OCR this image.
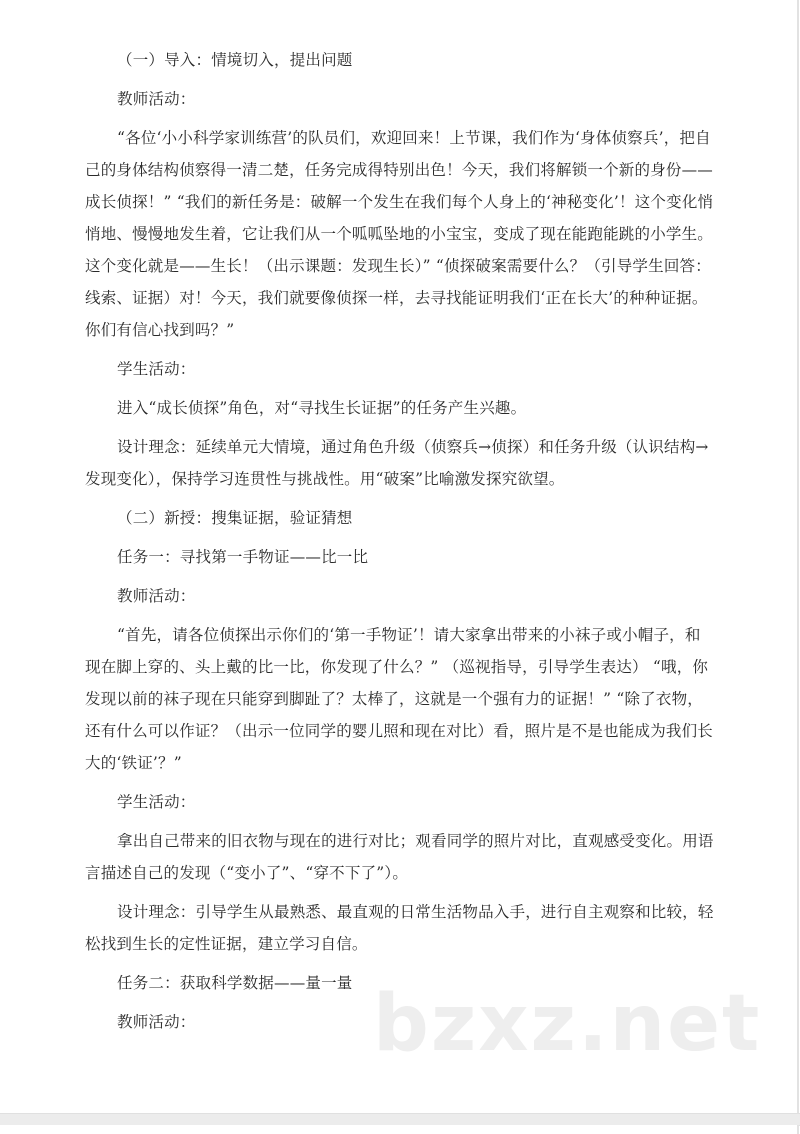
（一）导入：情境切入，提出问题

教师活动：

“各位‘小小科学家训练营’的队员们，欢迎回来！上节课，我们作为‘身体侦察兵’，把自己的身体结构侦察得一清二楚，任务完成得特别出色！今天，我们将解锁一个新的身份——成长侦探！” “我们的新任务是：破解一个发生在我们每个人身上的‘神秘变化’！这个变化悄悄地、慢慢地发生着，它让我们从一个呱呱坠地的小宝宝，变成了现在能跑能跳的小学生。这个变化就是——生长！（出示课题：发现生长）” “侦探破案需要什么？（引导学生回答：线索、证据）对！今天，我们就要像侦探一样，去寻找能证明我们‘正在长大’的种种证据。你们有信心找到吗？”

学生活动：

进入“成长侦探”角色，对“寻找生长证据”的任务产生兴趣。

设计理念：延续单元大情境，通过角色升级（侦察兵→侦探）和任务升级（认识结构→发现变化），保持学习连贯性与挑战性。用“破案”比喻激发探究欲望。

（二）新授：搜集证据，验证猜想

任务一：寻找第一手物证——比一比

教师活动：

“首先，请各位侦探出示你们的‘第一手物证’！请大家拿出带来的小袜子或小帽子，和现在脚上穿的、头上戴的比一比，你发现了什么？” （巡视指导，引导学生表达） “哦，你发现以前的袜子现在只能穿到脚趾了？太棒了，这就是一个强有力的证据！” “除了衣物，还有什么可以作证？（出示一位同学的婴儿照和现在对比）看，照片是不是也能成为我们长大的‘铁证’？”

学生活动：

拿出自己带来的旧衣物与现在的进行对比；观看同学的照片对比，直观感受变化。用语言描述自己的发现（“变小了”、“穿不下了”）。

设计理念：引导学生从最熟悉、最直观的日常生活物品入手，进行自主观察和比较，轻松找到生长的定性证据，建立学习自信。

任务二：获取科学数据——量一量

教师活动：	bzxz.net
